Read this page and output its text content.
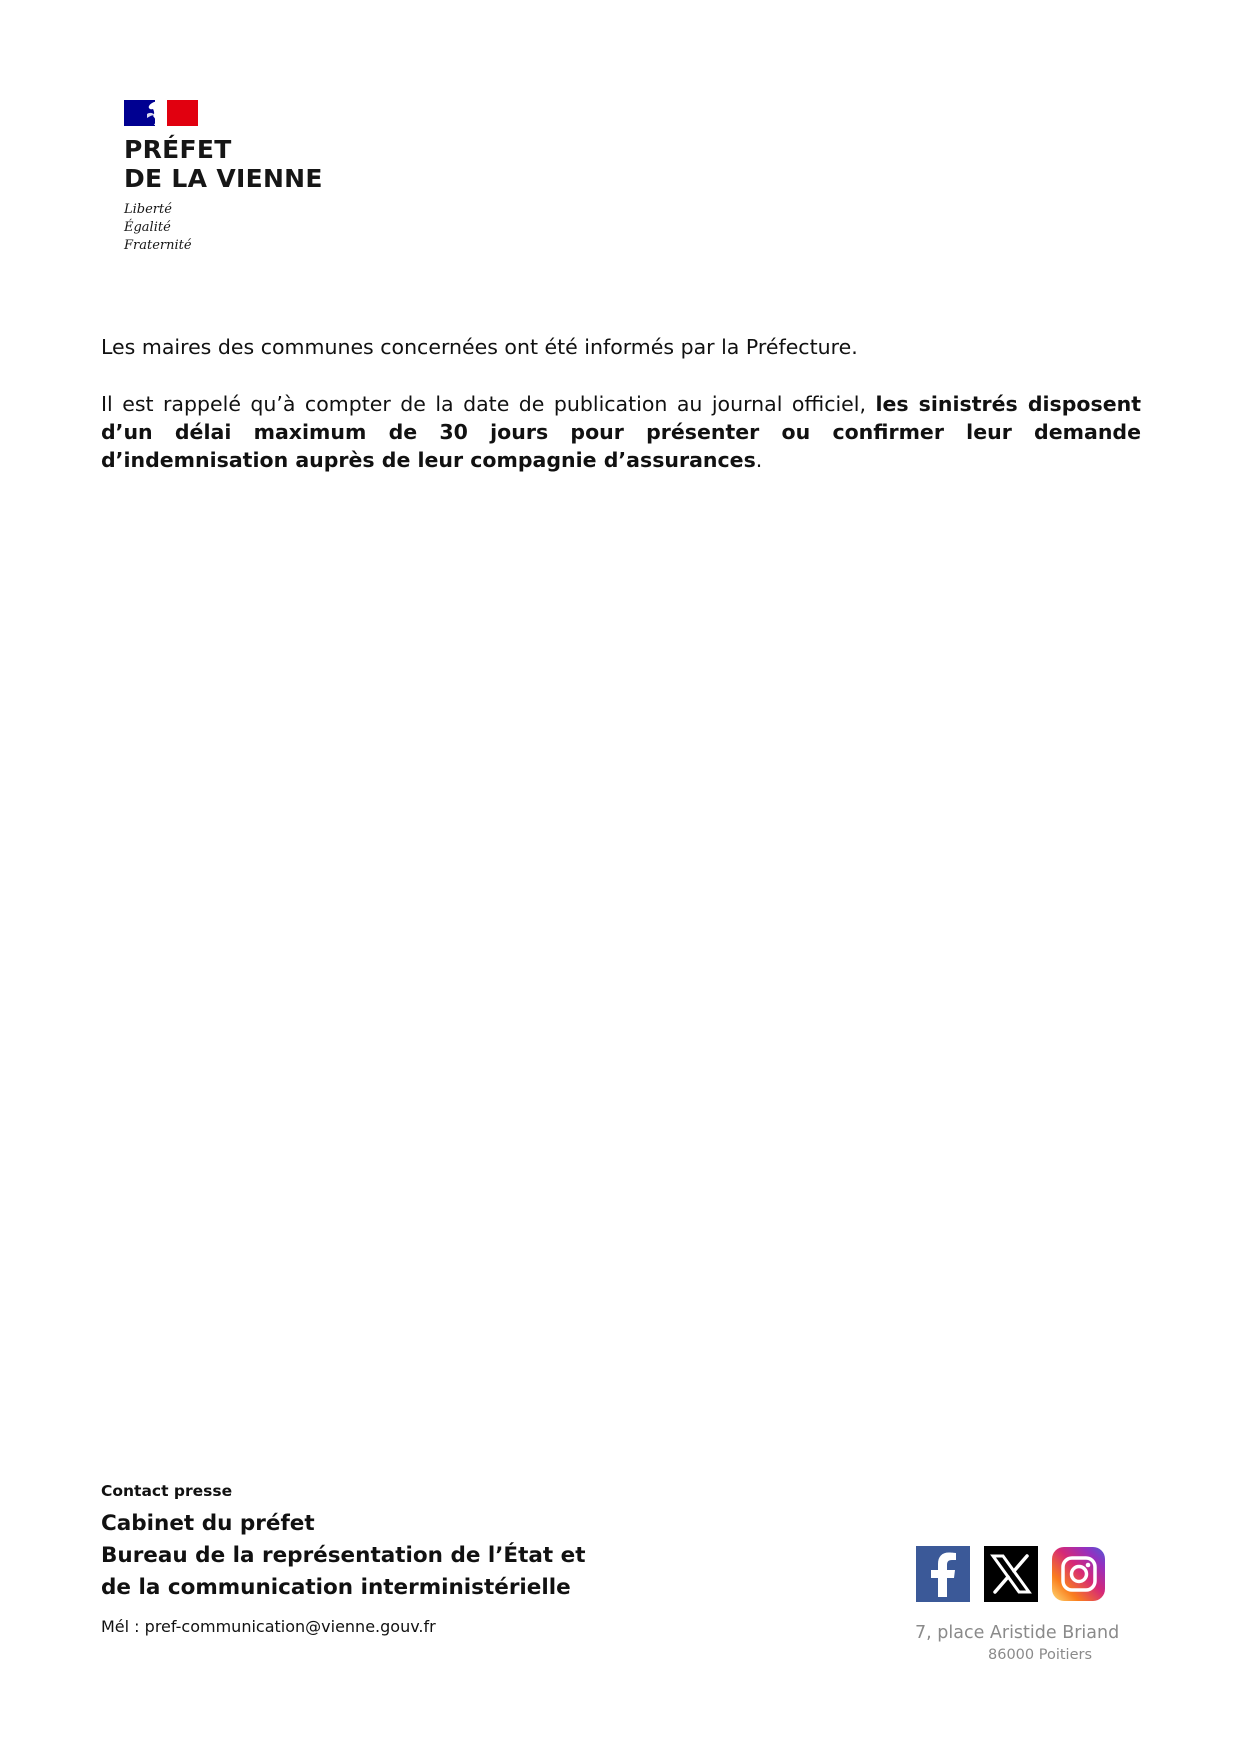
PRÉFET
DE LA VIENNE
Liberté
Égalité
Fraternité

Les maires des communes concernées ont été informés par la Préfecture.

Il est rappelé qu’à compter de la date de publication au journal officiel, les sinistrés disposent d’un délai maximum de 30 jours pour présenter ou confirmer leur demande d’indemnisation auprès de leur compagnie d’assurances.

Contact presse
Cabinet du préfet
Bureau de la représentation de l’État et
de la communication interministérielle
Mél : pref-communication@vienne.gouv.fr	7, place Aristide Briand
86000 Poitiers
